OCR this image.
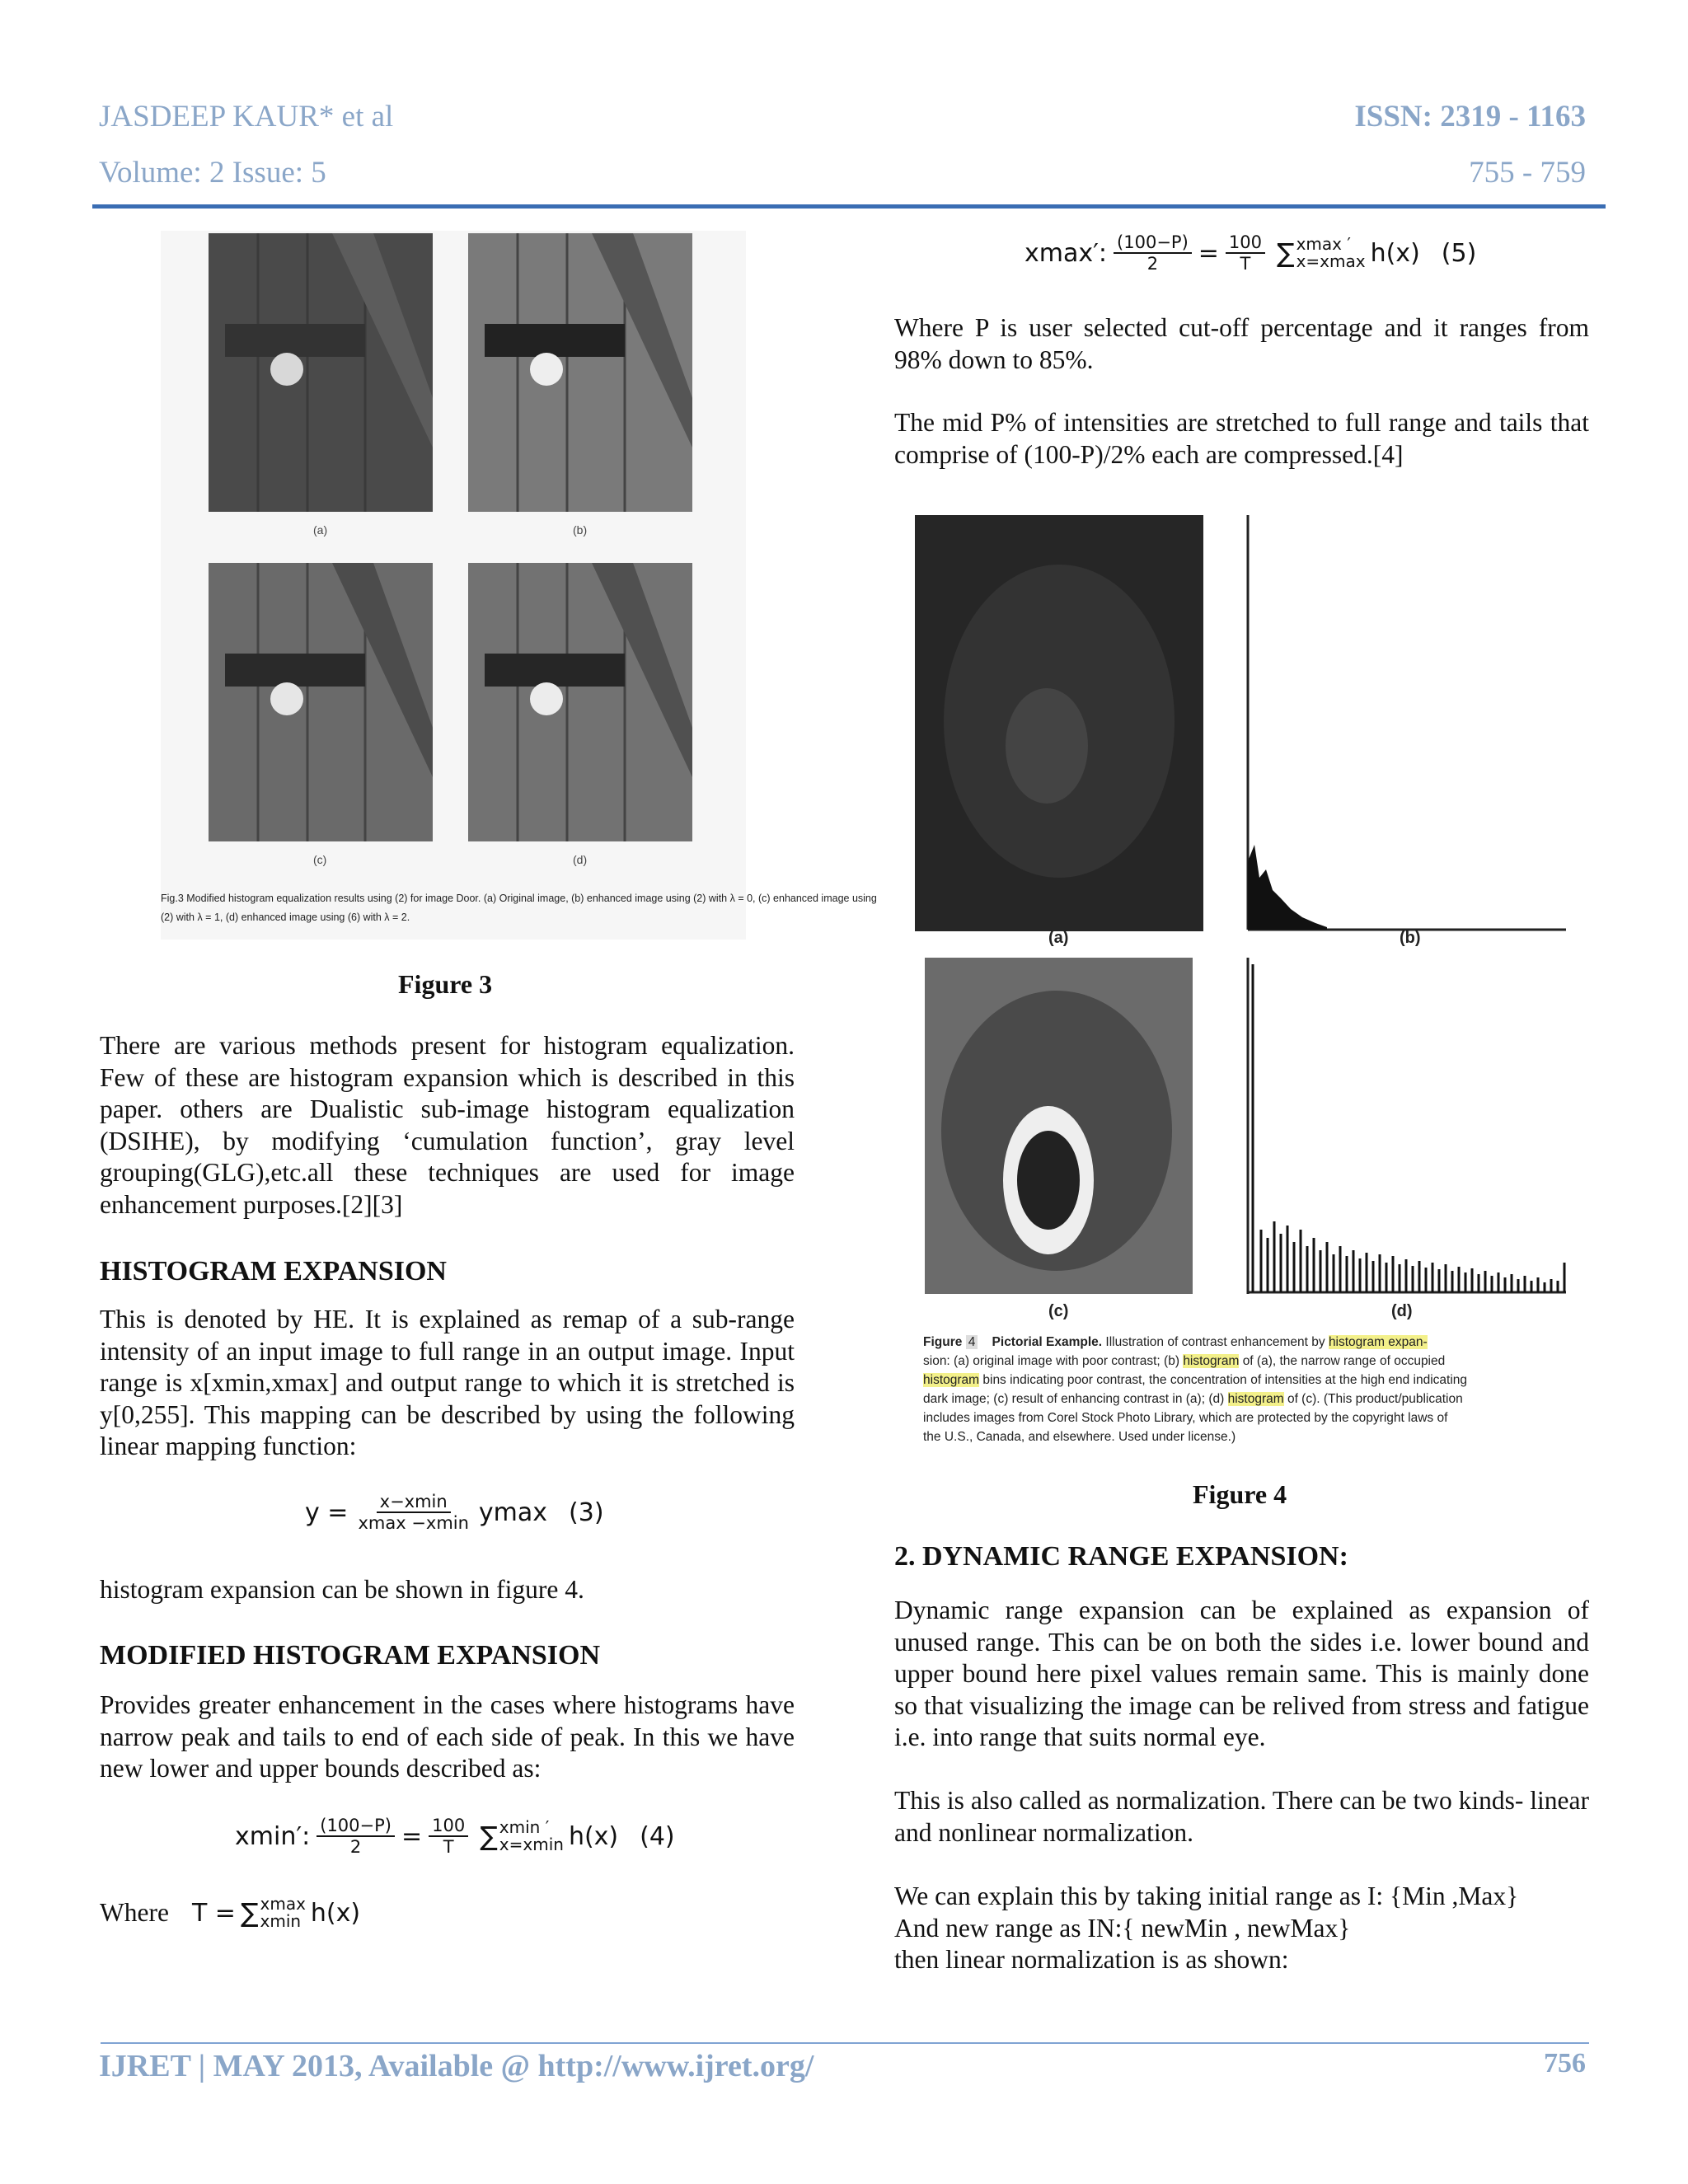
JASDEEP KAUR* et al	ISSN: 2319 - 1163
Volume: 2 Issue: 5	755 - 759
(a)	(b)
(c)	(d)
Fig.3 Modified histogram equalization results using (2) for image Door. (a) Original image, (b) enhanced image using (2) with λ = 0, (c) enhanced image using
(2) with λ = 1, (d) enhanced image using (6) with λ = 2.
Figure 3

There are various methods present for histogram equalization. Few of these are histogram expansion which is described in this paper. others are Dualistic sub-image histogram equalization (DSIHE), by modifying ‘cumulation function’, gray level grouping(GLG),etc.all these techniques are used for image enhancement purposes.[2][3]

HISTOGRAM EXPANSION

This is denoted by HE. It is explained as remap of a sub-range intensity of an input image to full range in an output image. Input range is x[xmin,xmax] and output range to which it is stretched is y[0,255]. This mapping can be described by using the following linear mapping function:

$y = \frac{x-xmin}{xmax -xmin}$ ymax (3)

histogram expansion can be shown in figure 4.

MODIFIED HISTOGRAM EXPANSION

Provides greater enhancement in the cases where histograms have narrow peak and tails to end of each side of peak. In this we have new lower and upper bounds described as:

xmin′: $\frac{(100-P)}{2} = \frac{100}{T}$ ∑ xmin ′
x=xmin h(x) (4)
Where T = ∑ xmax
xmin h(x)
xmax′: $\frac{(100-P)}{2} = \frac{100}{T}$ ∑ xmax ′
x=xmax h(x) (5)

Where P is user selected cut-off percentage and it ranges from 98% down to 85%.

The mid P% of intensities are stretched to full range and tails that comprise of (100-P)/2% each are compressed.[4]

(a)	(b)
(c)	(d)
Figure 4 Pictorial Example. Illustration of contrast enhancement by histogram expan-
sion: (a) original image with poor contrast; (b) histogram of (a), the narrow range of occupied
histogram bins indicating poor contrast, the concentration of intensities at the high end indicating
dark image; (c) result of enhancing contrast in (a); (d) histogram of (c). (This product/publication
includes images from Corel Stock Photo Library, which are protected by the copyright laws of
the U.S., Canada, and elsewhere. Used under license.)
Figure 4
2. DYNAMIC RANGE EXPANSION:

Dynamic range expansion can be explained as expansion of unused range. This can be on both the sides i.e. lower bound and upper bound here pixel values remain same. This is mainly done so that visualizing the image can be relived from stress and fatigue i.e. into range that suits normal eye.

This is also called as normalization. There can be two kinds- linear and nonlinear normalization.

We can explain this by taking initial range as I: {Min ,Max}
And new range as IN:{ newMin , newMax}
then linear normalization is as shown:
IJRET | MAY 2013, Available @ http://www.ijret.org/	756
